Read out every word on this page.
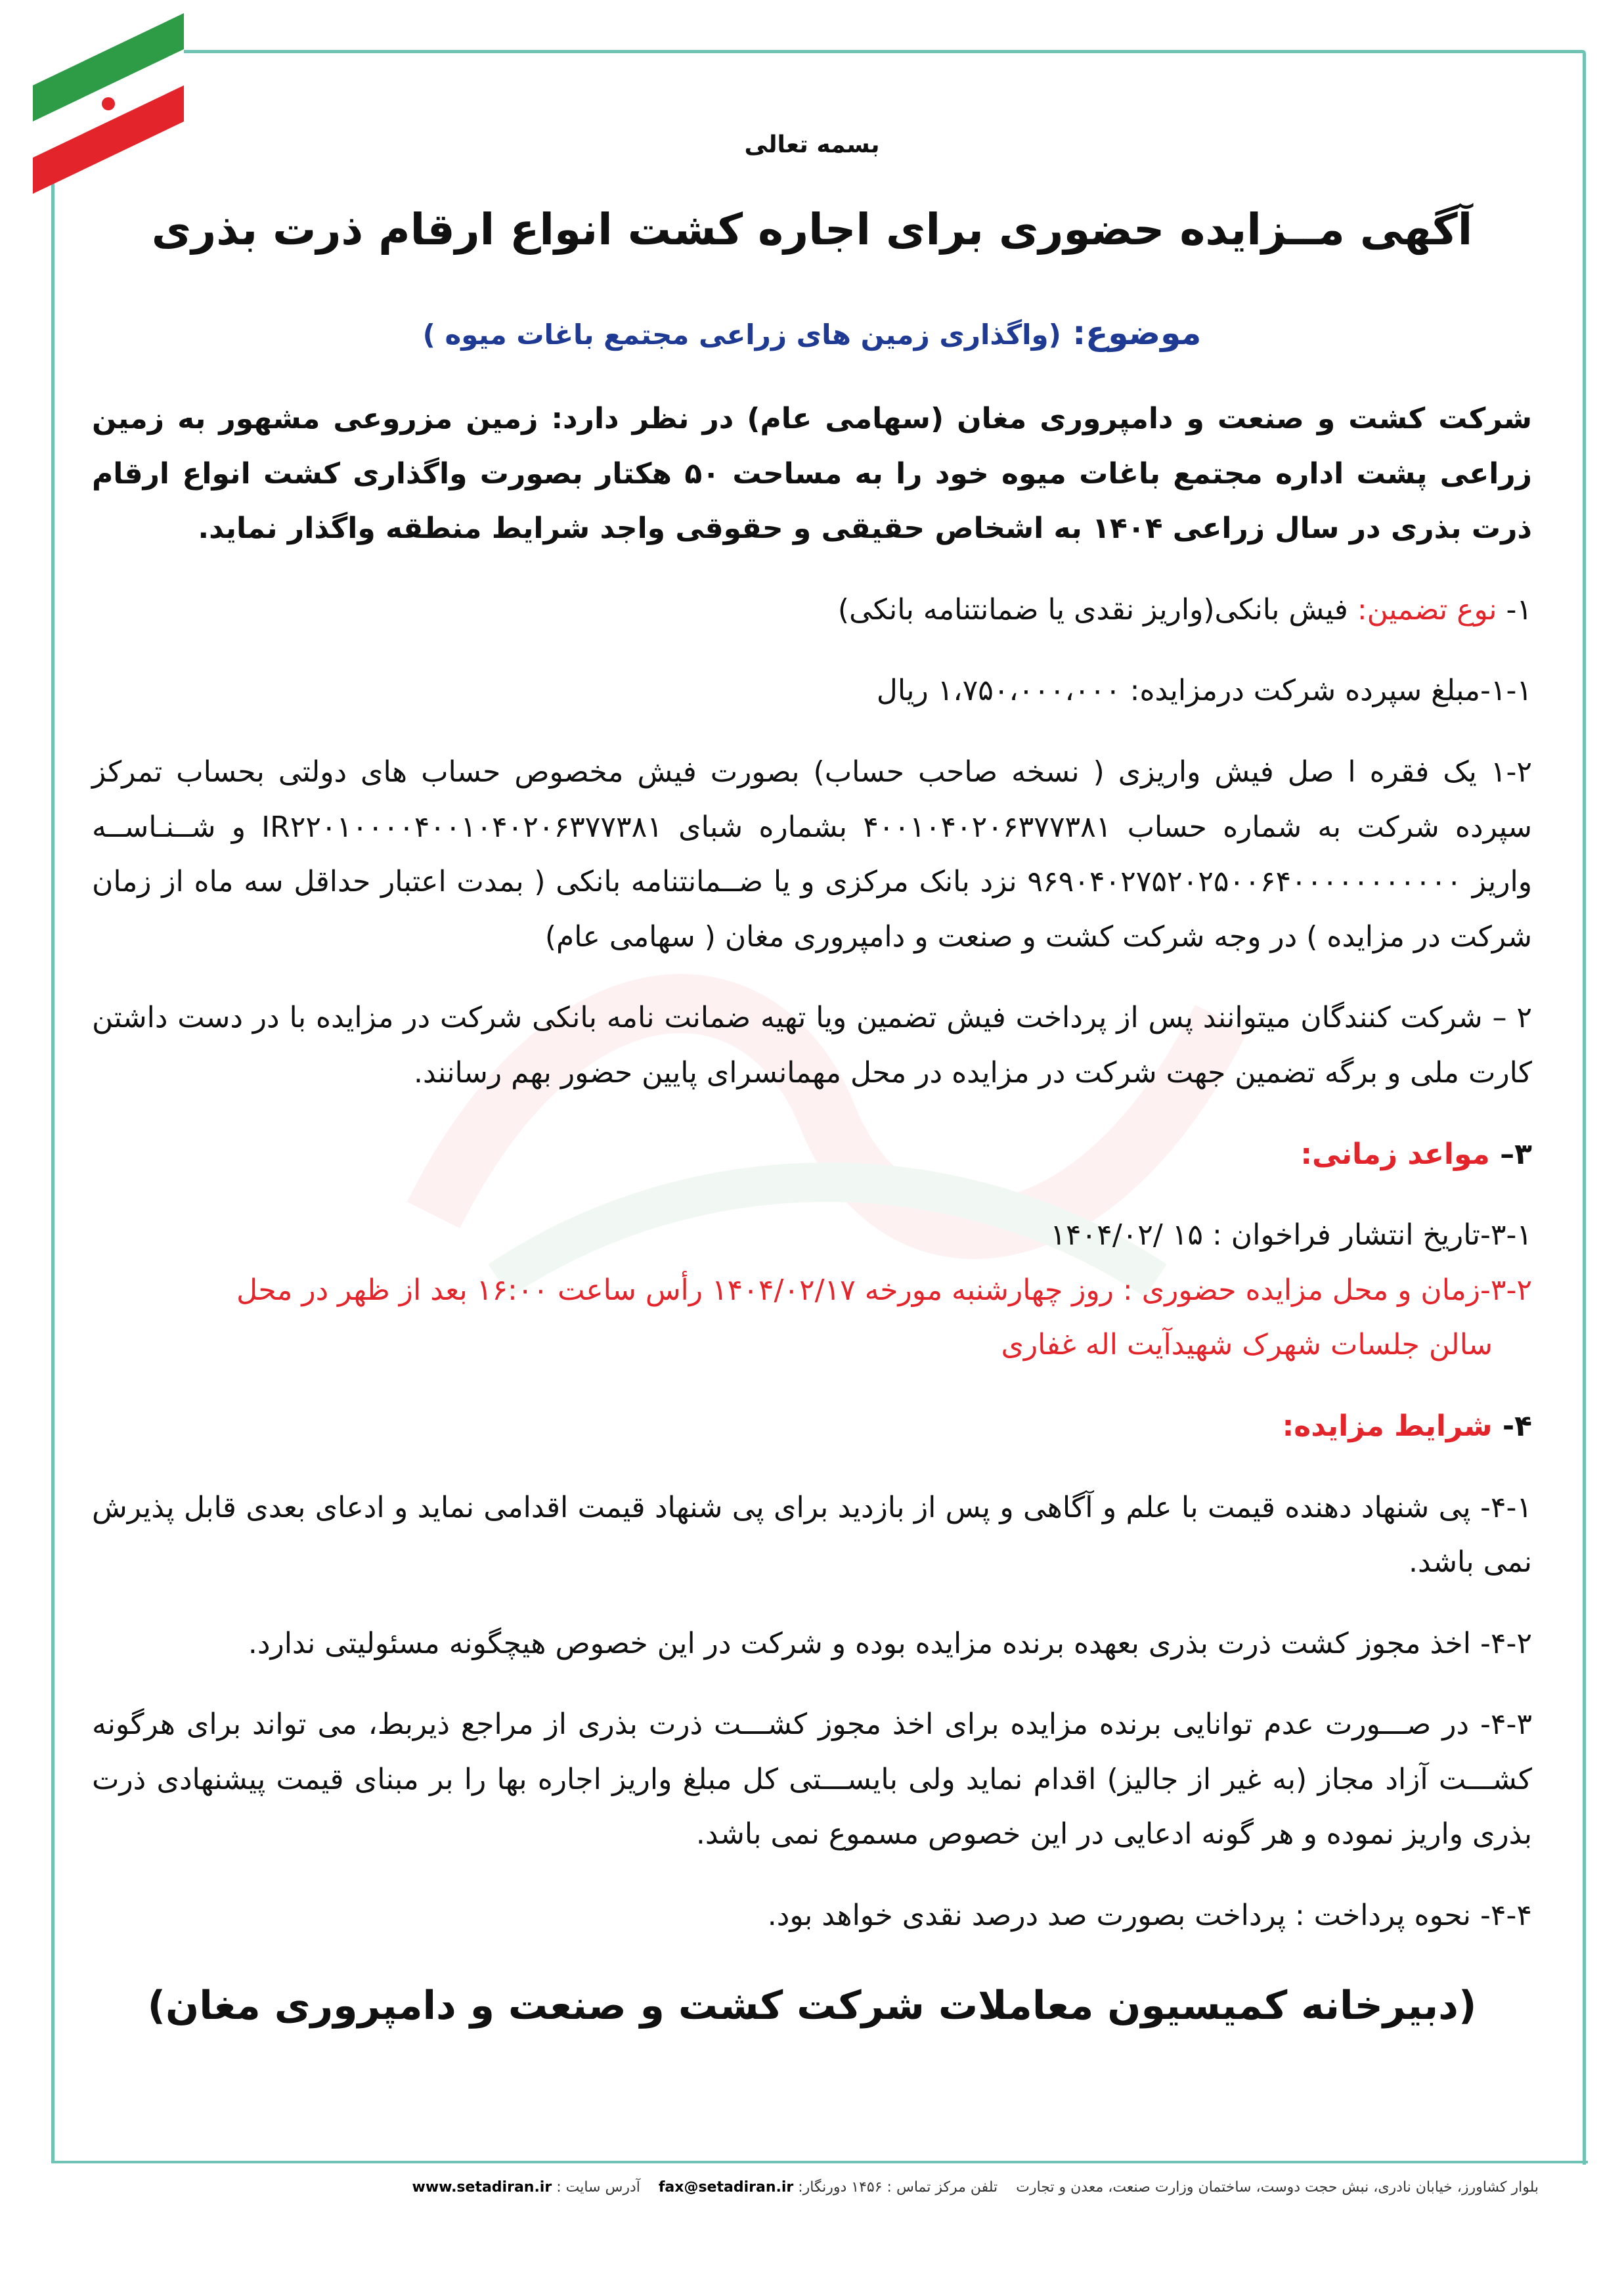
بسمه تعالی
آگهی مــزایده حضوری برای اجاره کشت انواع ارقام ذرت بذری
موضوع: (واگذاری زمین های زراعی مجتمع باغات میوه )

شرکت کشت و صنعت و دامپروری مغان (سهامی عام) در نظر دارد: زمین مزروعی مشهور به زمین زراعی پشت اداره مجتمع باغات میوه خود را به مساحت ۵۰ هکتار بصورت واگذاری کشت انواع ارقام ذرت بذری در سال زراعی ۱۴۰۴ به اشخاص حقیقی و حقوقی واجد شرایط منطقه واگذار نماید.

۱- نوع تضمین: فیش بانکی(واریز نقدی یا ضمانتنامه بانکی)

۱-۱-مبلغ سپرده شرکت درمزایده: ۱،۷۵۰،۰۰۰،۰۰۰ ریال

۱-۲ یک فقره ا صل فیش واریزی ( نسخه صاحب حساب) بصورت فیش مخصوص حساب های دولتی بحساب تمرکز سپرده شرکت به شماره حساب ۴۰۰۱۰۴۰۲۰۶۳۷۷۳۸۱ بشماره شبای IR۲۲۰۱۰۰۰۰۴۰۰۱۰۴۰۲۰۶۳۷۷۳۸۱ و شــنـاســه واریز ۹۶۹۰۴۰۲۷۵۲۰۲۵۰۰۶۴۰۰۰۰۰۰۰۰۰۰۰ نزد بانک مرکزی و یا ضــمانتنامه بانکی ( بمدت اعتبار حداقل سه ماه از زمان شرکت در مزایده ) در وجه شرکت کشت و صنعت و دامپروری مغان ( سهامی عام)

۲ – شرکت کنندگان میتوانند پس از پرداخت فیش تضمین ویا تهیه ضمانت نامه بانکی شرکت در مزایده با در دست داشتن کارت ملی و برگه تضمین جهت شرکت در مزایده در محل مهمانسرای پایین حضور بهم رسانند.

۳– مواعد زمانی:

۳-۱-تاریخ انتشار فراخوان : ۱۵ /۱۴۰۴/۰۲

۳-۲-زمان و محل مزایده حضوری : روز چهارشنبه مورخه ۱۴۰۴/۰۲/۱۷ رأس ساعت ۱۶:۰۰ بعد از ظهر در محل

سالن جلسات شهرک شهیدآیت اله غفاری

۴- شرایط مزایده:

۴-۱- پی شنهاد دهنده قیمت با علم و آگاهی و پس از بازدید برای پی شنهاد قیمت اقدامی نماید و ادعای بعدی قابل پذیرش نمی باشد.

۴-۲- اخذ مجوز کشت ذرت بذری بعهده برنده مزایده بوده و شرکت در این خصوص هیچگونه مسئولیتی ندارد.

۴-۳- در صـــورت عدم توانایی برنده مزایده برای اخذ مجوز کشـــت ذرت بذری از مراجع ذیربط، می تواند برای هرگونه کشـــت آزاد مجاز (به غیر از جالیز) اقدام نماید ولی بایســـتی کل مبلغ واریز اجاره بها را بر مبنای قیمت پیشنهادی ذرت بذری واریز نموده و هر گونه ادعایی در این خصوص مسموع نمی باشد.

۴-۴- نحوه پرداخت : پرداخت بصورت صد درصد نقدی خواهد بود.

(دبیرخانه کمیسیون معاملات شرکت کشت و صنعت و دامپروری مغان)
بلوار کشاورز، خیابان نادری، نبش حجت دوست، ساختمان وزارت صنعت، معدن و تجارت    تلفن مرکز تماس : ۱۴۵۶ دورنگار: fax@setadiran.ir    آدرس سایت : www.setadiran.ir
